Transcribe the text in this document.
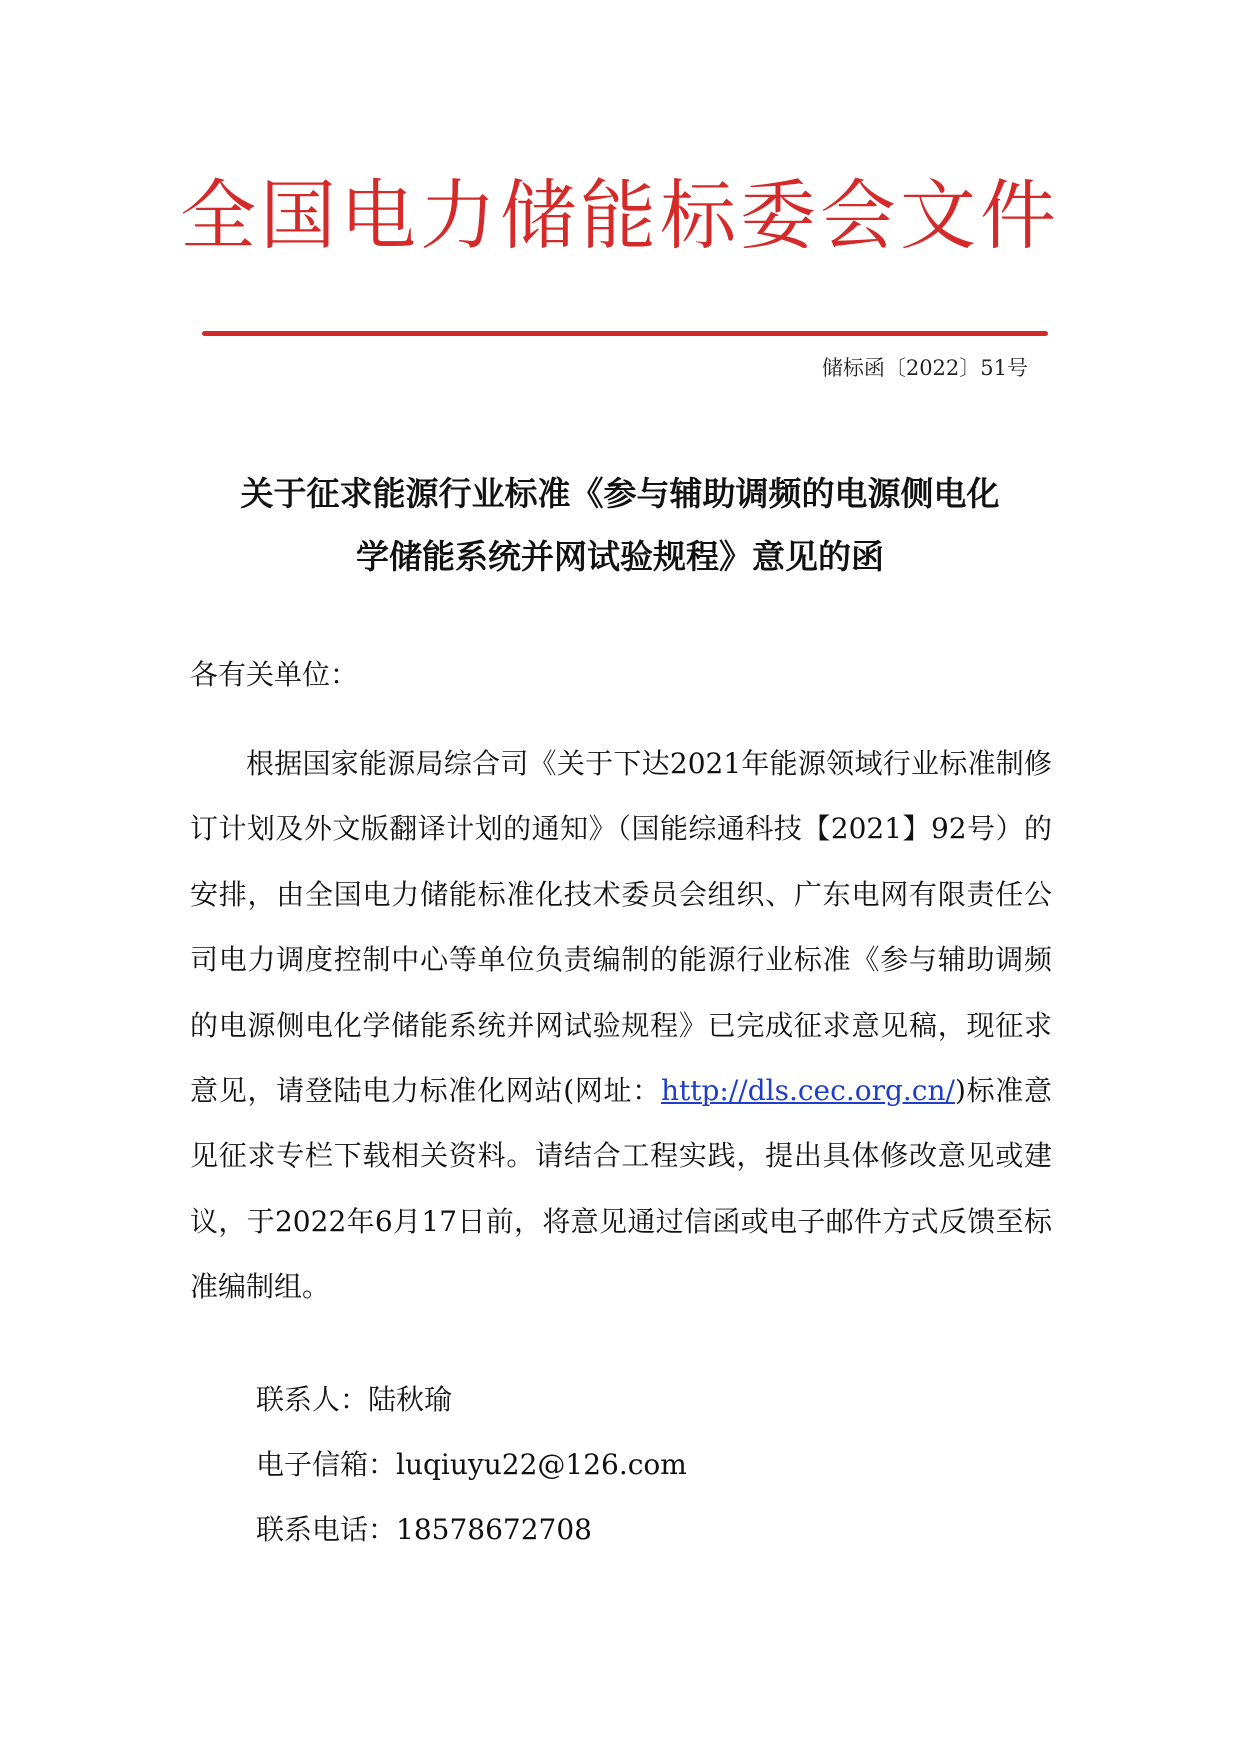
全国电力储能标委会文件
储标函〔2022〕51号
关于征求能源行业标准《参与辅助调频的电源侧电化
学储能系统并网试验规程》意见的函
各有关单位：

根据国家能源局综合司《关于下达2021年能源领域行业标准制修订计划及外文版翻译计划的通知》（国能综通科技【2021】92号）的安排，由全国电力储能标准化技术委员会组织、广东电网有限责任公司电力调度控制中心等单位负责编制的能源行业标准《参与辅助调频的电源侧电化学储能系统并网试验规程》已完成征求意见稿，现征求意见，请登陆电力标准化网站(网址：http://dls.cec.org.cn/)标准意见征求专栏下载相关资料。请结合工程实践，提出具体修改意见或建议，于2022年6月17日前，将意见通过信函或电子邮件方式反馈至标准编制组。

联系人：陆秋瑜
电子信箱：luqiuyu22@126.com
联系电话：18578672708
